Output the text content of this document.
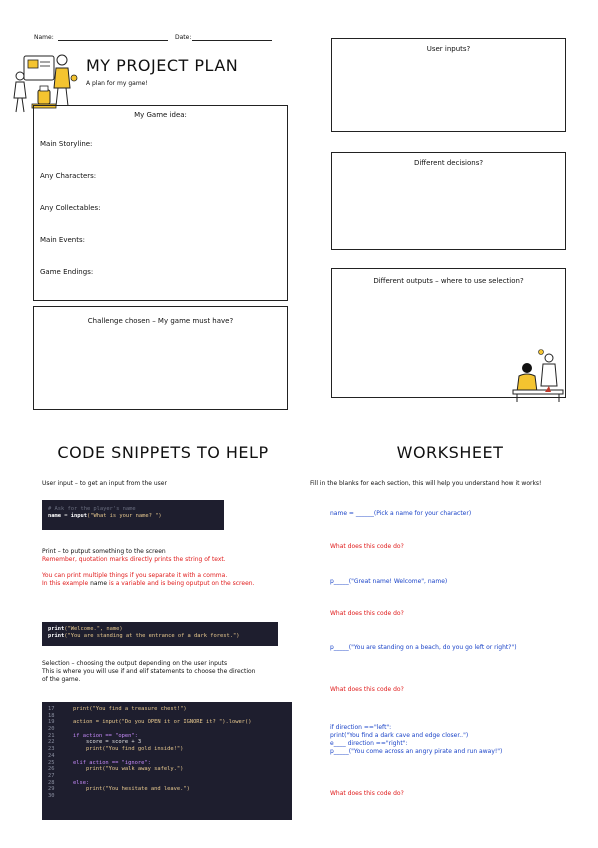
Name:	Date:
MY PROJECT PLAN
A plan for my game!
My Game idea:
Main Storyline:
Any Characters:
Any Collectables:
Main Events:
Game Endings:
Challenge chosen – My game must have?
User inputs?
Different decisions?
Different outputs – where to use selection?
CODE SNIPPETS TO HELP
User input – to get an input from the user
# Ask for the player's name
name = input("What is your name? ")
Print – to putput something to the screen
Remember, quotation marks directly prints the string of text.
You can print multiple things if you separate it with a comma.
In this example name is a variable and is being oputput on the screen.
print("Welcome.", name)
print("You are standing at the entrance of a dark forest.")
Selection – choosing the output depending on the user inputs
This is where you will use if and elif statements to choose the direction of the game.
17    print("You find a treasure chest!")
18
19    action = input("Do you OPEN it or IGNORE it? ").lower()
20
21    if action == "open":
22        score = score + 3
23        print("You find gold inside!")
24
25    elif action == "ignore":
26        print("You walk away safely.")
27
28    else:
29        print("You hesitate and leave.")
30
WORKSHEET
Fill in the blanks for each section, this will help you understand how it works!
name = ______(Pick a name for your character)
What does this code do?
p_____("Great name! Welcome", name)
What does this code do?
p_____("You are standing on a beach, do you go left or right?")
What does this code do?
if direction =="left":
print("You find a dark cave and edge closer..")
e____ direction =="right":
p_____("You come across an angry pirate and run away!")
What does this code do?
